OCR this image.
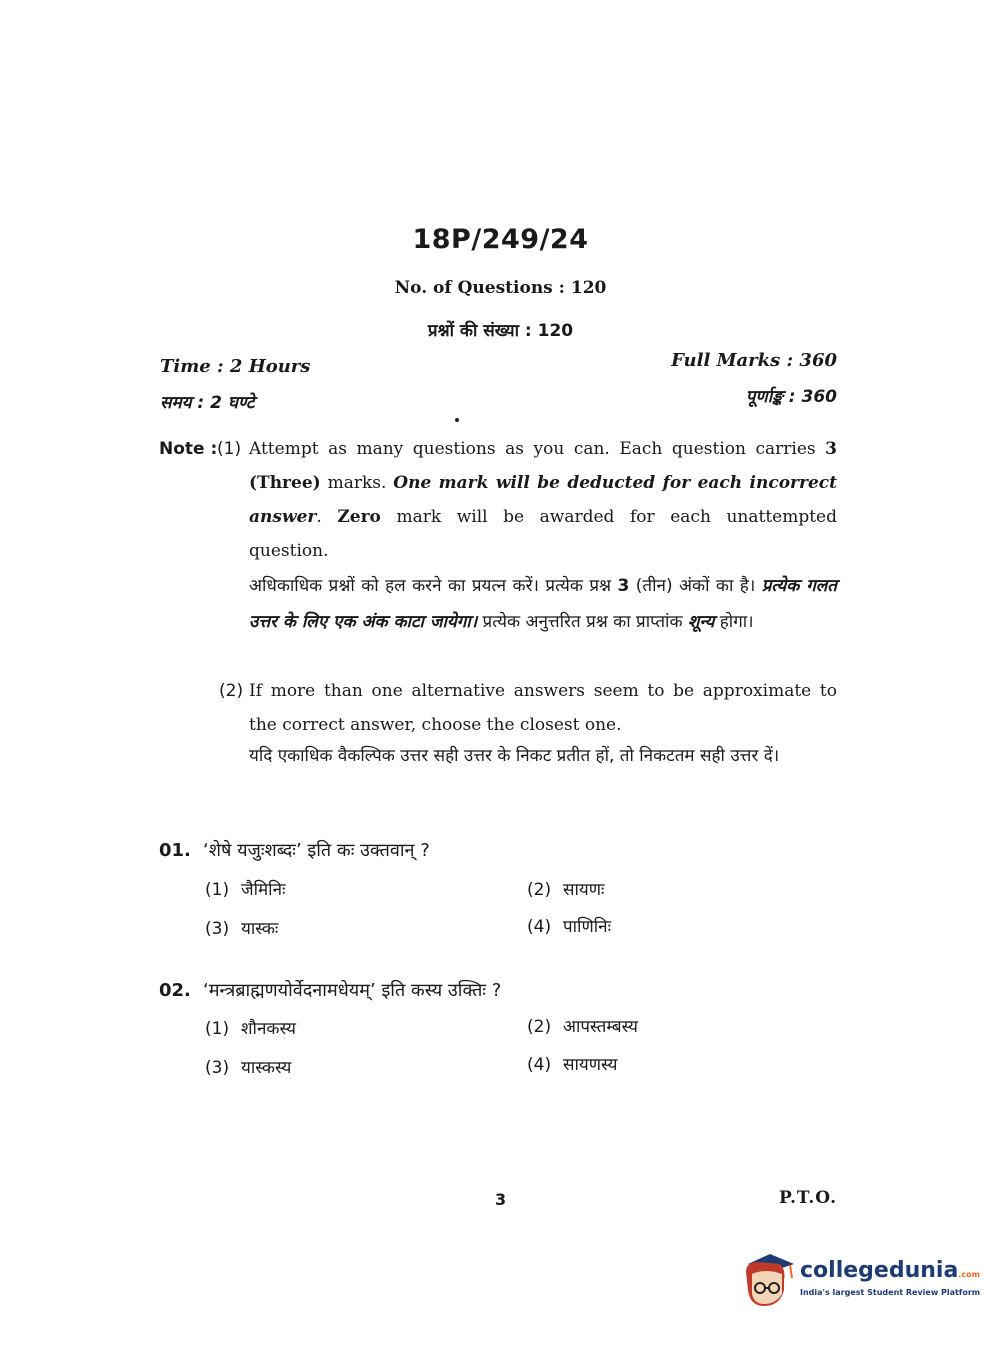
18P/249/24
No. of Questions : 120
प्रश्नों की संख्या : 120
Time : 2 Hours
समय : 2 घण्टे
Full Marks : 360
पूर्णाङ्क : 360
Note : (1) Attempt as many questions as you can. Each question carries 3 (Three) marks. One mark will be deducted for each incorrect answer. Zero mark will be awarded for each unattempted question.
अधिकाधिक प्रश्नों को हल करने का प्रयत्न करें। प्रत्येक प्रश्न 3 (तीन) अंकों का है। प्रत्येक गलत उत्तर के लिए एक अंक काटा जायेगा। प्रत्येक अनुत्तरित प्रश्न का प्राप्तांक शून्य होगा।
(2) If more than one alternative answers seem to be approximate to the correct answer, choose the closest one.
यदि एकाधिक वैकल्पिक उत्तर सही उत्तर के निकट प्रतीत हों, तो निकटतम सही उत्तर दें।
01. ‘शेषे यजुःशब्दः’ इति कः उक्तवान् ?
(1) जैमिनिः	(2) सायणः
(3) यास्कः	(4) पाणिनिः
02. ‘मन्त्रब्राह्मणयोर्वेदनामधेयम्’ इति कस्य उक्तिः ?
(1) शौनकस्य	(2) आपस्तम्बस्य
(3) यास्कस्य	(4) सायणस्य
3	P.T.O.
collegedunia.com
India's largest Student Review Platform
